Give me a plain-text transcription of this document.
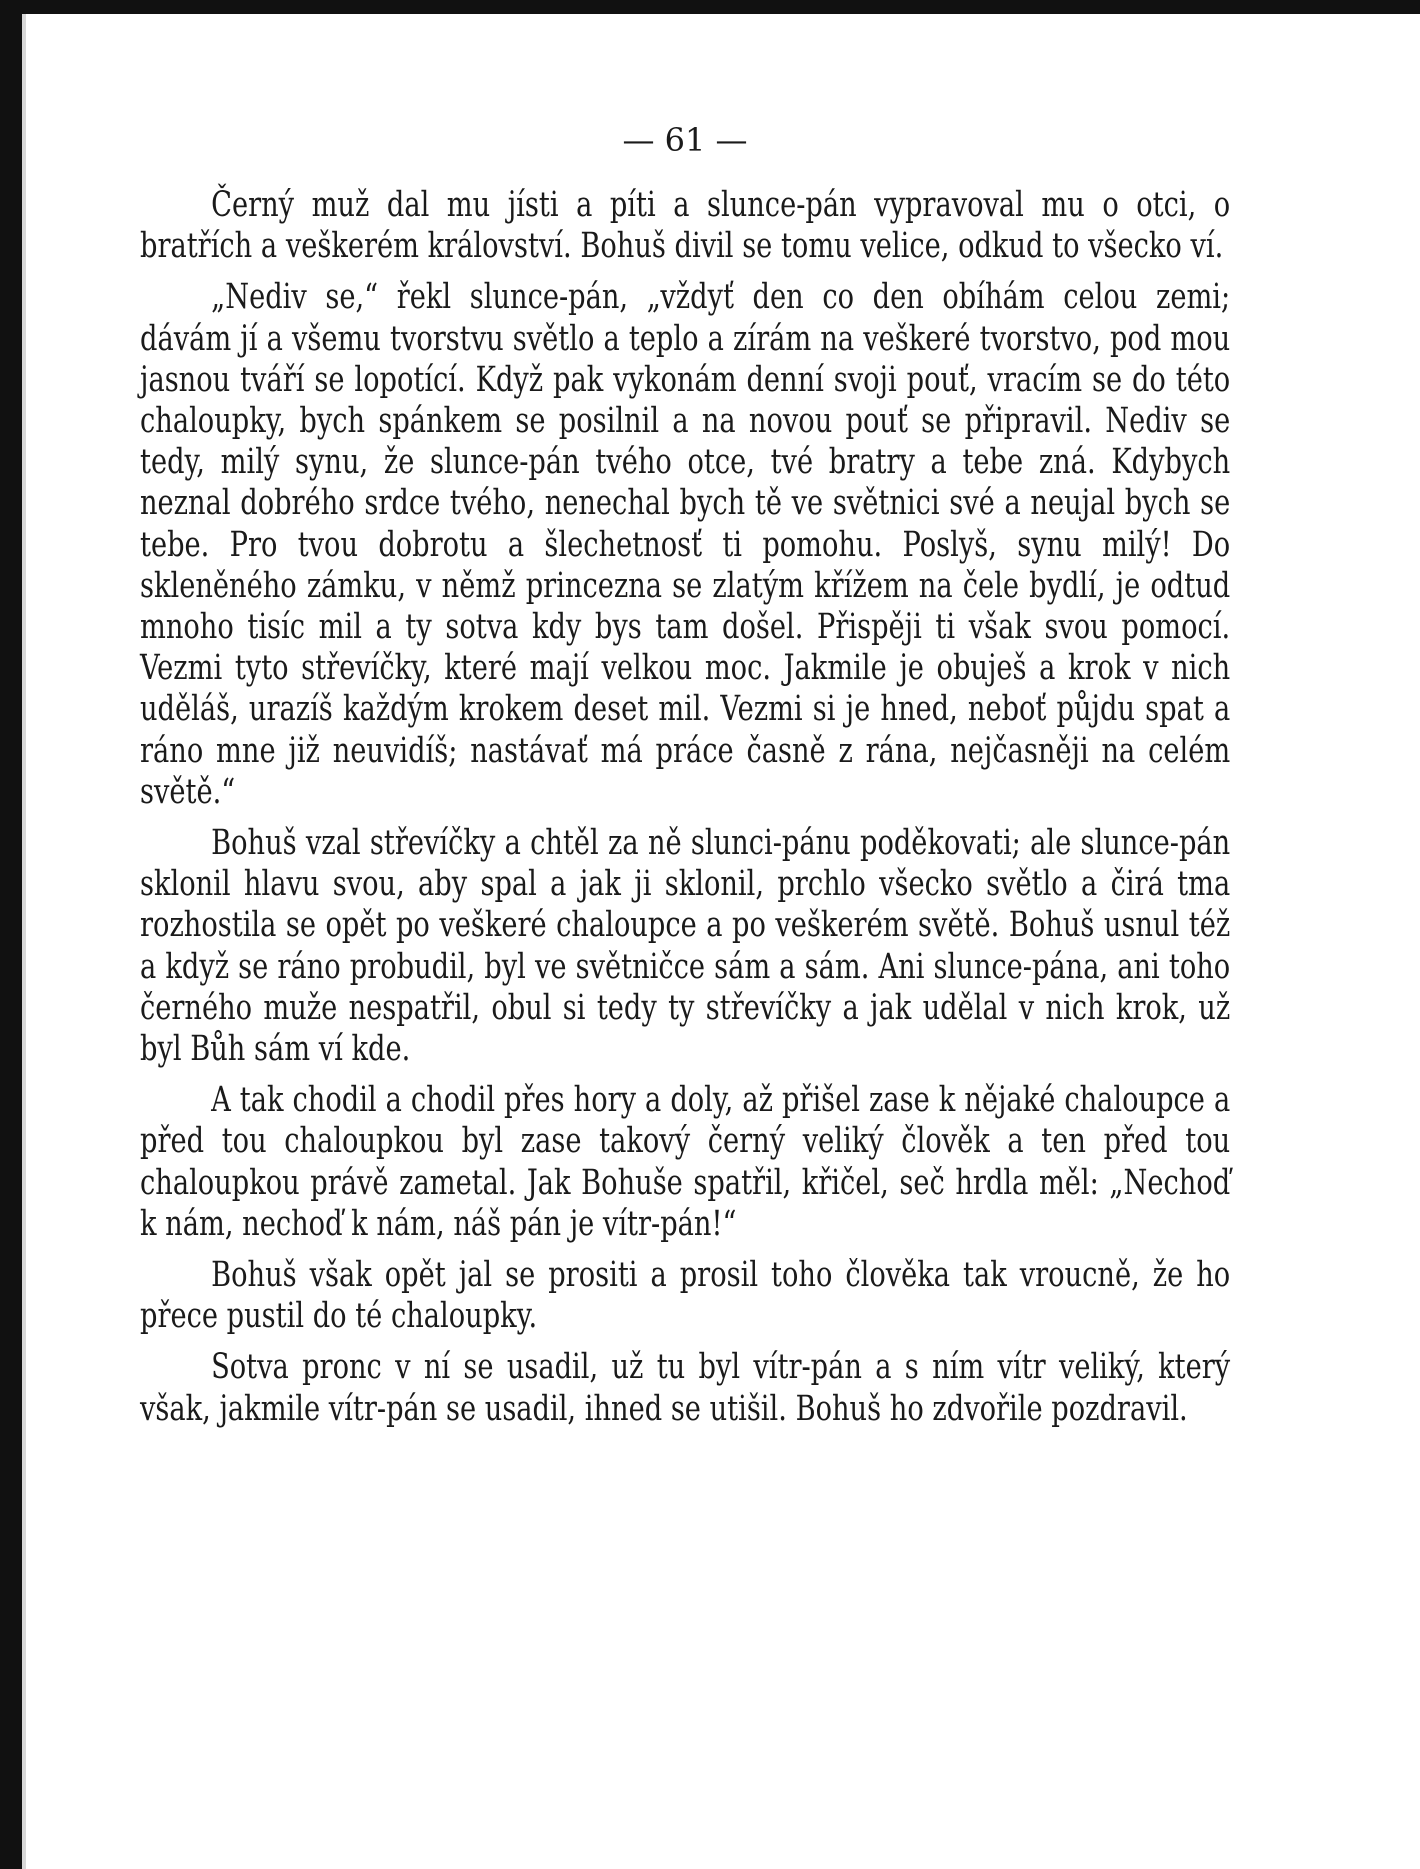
— 61 —

Černý muž dal mu jísti a píti a slunce-pán vypravoval mu o otci, o bratřích a veškerém království. Bohuš divil se tomu velice, odkud to všecko ví.

„Nediv se,“ řekl slunce-pán, „vždyť den co den obíhám celou zemi; dávám jí a všemu tvorstvu světlo a teplo a zírám na veškeré tvorstvo, pod mou jasnou tváří se lopotící. Když pak vykonám denní svoji pouť, vracím se do této chaloupky, bych spánkem se posilnil a na novou pouť se připravil. Nediv se tedy, milý synu, že slunce-pán tvého otce, tvé bratry a tebe zná. Kdybych neznal dobrého srdce tvého, nenechal bych tě ve světnici své a neujal bych se tebe. Pro tvou dobrotu a šlechetnosť ti pomohu. Poslyš, synu milý! Do skleněného zámku, v němž princezna se zlatým křížem na čele bydlí, je odtud mnoho tisíc mil a ty sotva kdy bys tam došel. Přispěji ti však svou pomocí. Vezmi tyto střevíčky, které mají velkou moc. Jakmile je obuješ a krok v nich uděláš, urazíš každým krokem deset mil. Vezmi si je hned, neboť půjdu spat a ráno mne již neuvidíš; nastávať má práce časně z rána, nejčasněji na celém světě.“

Bohuš vzal střevíčky a chtěl za ně slunci-pánu poděkovati; ale slunce-pán sklonil hlavu svou, aby spal a jak ji sklonil, prchlo všecko světlo a čirá tma rozhostila se opět po veškeré chaloupce a po veškerém světě. Bohuš usnul též a když se ráno probudil, byl ve světničce sám a sám. Ani slunce-pána, ani toho černého muže nespatřil, obul si tedy ty střevíčky a jak udělal v nich krok, už byl Bůh sám ví kde.

A tak chodil a chodil přes hory a doly, až přišel zase k nějaké chaloupce a před tou chaloupkou byl zase takový černý veliký člověk a ten před tou chaloupkou právě zametal. Jak Bohuše spatřil, křičel, seč hrdla měl: „Nechoď k nám, nechoď k nám, náš pán je vítr-pán!“

Bohuš však opět jal se prositi a prosil toho člověka tak vroucně, že ho přece pustil do té chaloupky.

Sotva pronc v ní se usadil, už tu byl vítr-pán a s ním vítr veliký, který však, jakmile vítr-pán se usadil, ihned se utišil. Bohuš ho zdvořile pozdravil.
